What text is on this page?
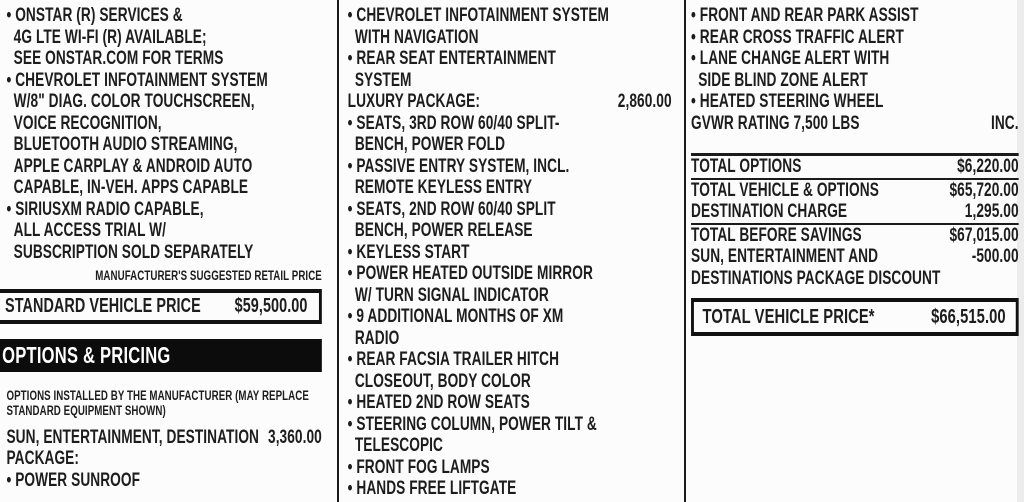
• ONSTAR (R) SERVICES &
4G LTE WI-FI (R) AVAILABLE;
SEE ONSTAR.COM FOR TERMS
• CHEVROLET INFOTAINMENT SYSTEM
W/8" DIAG. COLOR TOUCHSCREEN,
VOICE RECOGNITION,
BLUETOOTH AUDIO STREAMING,
APPLE CARPLAY & ANDROID AUTO
CAPABLE, IN-VEH. APPS CAPABLE
• SIRIUSXM RADIO CAPABLE,
ALL ACCESS TRIAL W/
SUBSCRIPTION SOLD SEPARATELY
MANUFACTURER'S SUGGESTED RETAIL PRICE
STANDARD VEHICLE PRICE $59,500.00
OPTIONS & PRICING
OPTIONS INSTALLED BY THE MANUFACTURER (MAY REPLACE
STANDARD EQUIPMENT SHOWN)
SUN, ENTERTAINMENT, DESTINATION 3,360.00
PACKAGE:
• POWER SUNROOF
• CHEVROLET INFOTAINMENT SYSTEM
WITH NAVIGATION
• REAR SEAT ENTERTAINMENT
SYSTEM
LUXURY PACKAGE:	2,860.00
• SEATS, 3RD ROW 60/40 SPLIT-
BENCH, POWER FOLD
• PASSIVE ENTRY SYSTEM, INCL.
REMOTE KEYLESS ENTRY
• SEATS, 2ND ROW 60/40 SPLIT
BENCH, POWER RELEASE
• KEYLESS START
• POWER HEATED OUTSIDE MIRROR
W/ TURN SIGNAL INDICATOR
• 9 ADDITIONAL MONTHS OF XM
RADIO
• REAR FACSIA TRAILER HITCH
CLOSEOUT, BODY COLOR
• HEATED 2ND ROW SEATS
• STEERING COLUMN, POWER TILT &
TELESCOPIC
• FRONT FOG LAMPS
• HANDS FREE LIFTGATE
• FRONT AND REAR PARK ASSIST
• REAR CROSS TRAFFIC ALERT
• LANE CHANGE ALERT WITH
SIDE BLIND ZONE ALERT
• HEATED STEERING WHEEL
GVWR RATING 7,500 LBS	INC.
TOTAL OPTIONS	$6,220.00
TOTAL VEHICLE & OPTIONS	$65,720.00
DESTINATION CHARGE	1,295.00
TOTAL BEFORE SAVINGS	$67,015.00
SUN, ENTERTAINMENT AND	-500.00
DESTINATIONS PACKAGE DISCOUNT
TOTAL VEHICLE PRICE*	$66,515.00
